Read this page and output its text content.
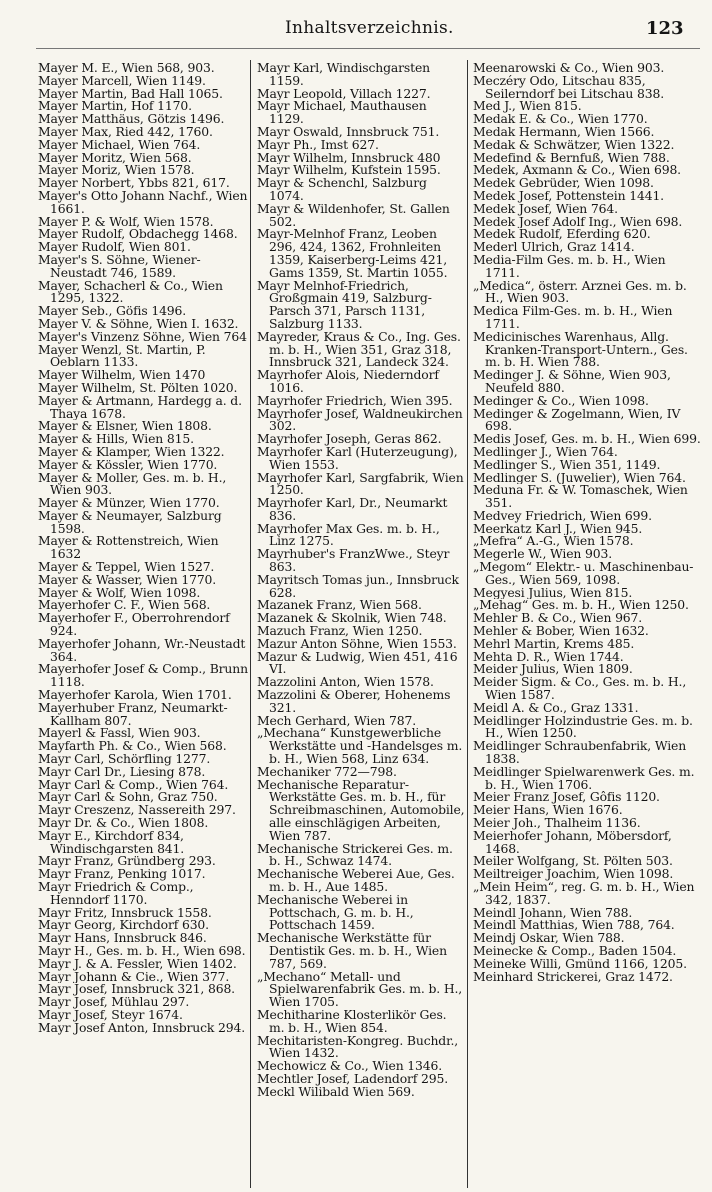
Inhaltsverzeichnis.	123
Mayer M. E., Wien 568, 903.
Mayer Marcell, Wien 1149.
Mayer Martin, Bad Hall 1065.
Mayer Martin, Hof 1170.
Mayer Matthäus, Götzis 1496.
Mayer Max, Ried 442, 1760.
Mayer Michael, Wien 764.
Mayer Moritz, Wien 568.
Mayer Moriz, Wien 1578.
Mayer Norbert, Ybbs 821, 617.
Mayer's Otto Johann Nachf., Wien 1661.
Mayer P. & Wolf, Wien 1578.
Mayer Rudolf, Obdachegg 1468.
Mayer Rudolf, Wien 801.
Mayer's S. Söhne, Wiener-Neustadt 746, 1589.
Mayer, Schacherl & Co., Wien 1295, 1322.
Mayer Seb., Göfis 1496.
Mayer V. & Söhne, Wien I. 1632.
Mayer's Vinzenz Söhne, Wien 764
Mayer Wenzl, St. Martin, P. Oeblarn 1133.
Mayer Wilhelm, Wien 1470
Mayer Wilhelm, St. Pölten 1020.
Mayer & Artmann, Hardegg a. d. Thaya 1678.
Mayer & Elsner, Wien 1808.
Mayer & Hills, Wien 815.
Mayer & Klamper, Wien 1322.
Mayer & Kössler, Wien 1770.
Mayer & Moller, Ges. m. b. H., Wien 903.
Mayer & Münzer, Wien 1770.
Mayer & Neumayer, Salzburg 1598.
Mayer & Rottenstreich, Wien 1632
Mayer & Teppel, Wien 1527.
Mayer & Wasser, Wien 1770.
Mayer & Wolf, Wien 1098.
Mayerhofer C. F., Wien 568.
Mayerhofer F., Oberrohrendorf 924.
Mayerhofer Johann, Wr.-Neustadt 364.
Mayerhofer Josef & Comp., Brunn 1118.
Mayerhofer Karola, Wien 1701.
Mayerhuber Franz, Neumarkt-Kallham 807.
Mayerl & Fassl, Wien 903.
Mayfarth Ph. & Co., Wien 568.
Mayr Carl, Schörfling 1277.
Mayr Carl Dr., Liesing 878.
Mayr Carl & Comp., Wien 764.
Mayr Carl & Sohn, Graz 750.
Mayr Creszenz, Nassereith 297.
Mayr Dr. & Co., Wien 1808.
Mayr E., Kirchdorf 834, Windischgarsten 841.
Mayr Franz, Gründberg 293.
Mayr Franz, Penking 1017.
Mayr Friedrich & Comp., Henndorf 1170.
Mayr Fritz, Innsbruck 1558.
Mayr Georg, Kirchdorf 630.
Mayr Hans, Innsbruck 846.
Mayr H., Ges. m. b. H., Wien 698.
Mayr J. & A. Fessler, Wien 1402.
Mayr Johann & Cie., Wien 377.
Mayr Josef, Innsbruck 321, 868.
Mayr Josef, Mühlau 297.
Mayr Josef, Steyr 1674.
Mayr Josef Anton, Innsbruck 294.
Mayr Karl, Windischgarsten 1159.
Mayr Leopold, Villach 1227.
Mayr Michael, Mauthausen 1129.
Mayr Oswald, Innsbruck 751.
Mayr Ph., Imst 627.
Mayr Wilhelm, Innsbruck 480
Mayr Wilhelm, Kufstein 1595.
Mayr & Schenchl, Salzburg 1074.
Mayr & Wildenhofer, St. Gallen 502.
Mayr-Melnhof Franz, Leoben 296, 424, 1362, Frohnleiten 1359, Kaiserberg-Leims 421, Gams 1359, St. Martin 1055.
Mayr Melnhof-Friedrich, Großgmain 419, Salzburg-Parsch 371, Parsch 1131, Salzburg 1133.
Mayreder, Kraus & Co., Ing. Ges. m. b. H., Wien 351, Graz 318, Innsbruck 321, Landeck 324.
Mayrhofer Alois, Niederndorf 1016.
Mayrhofer Friedrich, Wien 395.
Mayrhofer Josef, Waldneukirchen 302.
Mayrhofer Joseph, Geras 862.
Mayrhofer Karl (Huterzeugung), Wien 1553.
Mayrhofer Karl, Sargfabrik, Wien 1250.
Mayrhofer Karl, Dr., Neumarkt 836.
Mayrhofer Max Ges. m. b. H., Linz 1275.
Mayrhuber's FranzWwe., Steyr 863.
Mayritsch Tomas jun., Innsbruck 628.
Mazanek Franz, Wien 568.
Mazanek & Skolnik, Wien 748.
Mazuch Franz, Wien 1250.
Mazur Anton Söhne, Wien 1553.
Mazur & Ludwig, Wien 451, 416 VI.
Mazzolini Anton, Wien 1578.
Mazzolini & Oberer, Hohenems 321.
Mech Gerhard, Wien 787.
„Mechana“ Kunstgewerbliche Werkstätte und -Handelsges m. b. H., Wien 568, Linz 634.
Mechaniker 772—798.
Mechanische Reparatur-Werkstätte Ges. m. b. H., für Schreibmaschinen, Automobile, alle einschlägigen Arbeiten, Wien 787.
Mechanische Strickerei Ges. m. b. H., Schwaz 1474.
Mechanische Weberei Aue, Ges. m. b. H., Aue 1485.
Mechanische Weberei in Pottschach, G. m. b. H., Pottschach 1459.
Mechanische Werkstätte für Dentistik Ges. m. b. H., Wien 787, 569.
„Mechano“ Metall- und Spielwarenfabrik Ges. m. b. H., Wien 1705.
Mechitharine Klosterlikör Ges. m. b. H., Wien 854.
Mechitaristen-Kongreg. Buchdr., Wien 1432.
Mechowicz & Co., Wien 1346.
Mechtler Josef, Ladendorf 295.
Meckl Wilibald Wien 569.
Meenarowski & Co., Wien 903.
Meczéry Odo, Litschau 835, Seilerndorf bei Litschau 838.
Med J., Wien 815.
Medak E. & Co., Wien 1770.
Medak Hermann, Wien 1566.
Medak & Schwätzer, Wien 1322.
Medefind & Bernfuß, Wien 788.
Medek, Axmann & Co., Wien 698.
Medek Gebrüder, Wien 1098.
Medek Josef, Pottenstein 1441.
Medek Josef, Wien 764.
Medek Josef Adolf Ing., Wien 698.
Medek Rudolf, Eferding 620.
Mederl Ulrich, Graz 1414.
Media-Film Ges. m. b. H., Wien 1711.
„Medica“, österr. Arznei Ges. m. b. H., Wien 903.
Medica Film-Ges. m. b. H., Wien 1711.
Medicinisches Warenhaus, Allg. Kranken-Transport-Untern., Ges. m. b. H. Wien 788.
Medinger J. & Söhne, Wien 903, Neufeld 880.
Medinger & Co., Wien 1098.
Medinger & Zogelmann, Wien, IV 698.
Medis Josef, Ges. m. b. H., Wien 699.
Medlinger J., Wien 764.
Medlinger S., Wien 351, 1149.
Medlinger S. (Juwelier), Wien 764.
Meduna Fr. & W. Tomaschek, Wien 351.
Medvey Friedrich, Wien 699.
Meerkatz Karl J., Wien 945.
„Mefra“ A.-G., Wien 1578.
Megerle W., Wien 903.
„Megom“ Elektr.- u. Maschinenbau-Ges., Wien 569, 1098.
Megyesi Julius, Wien 815.
„Mehag“ Ges. m. b. H., Wien 1250.
Mehler B. & Co., Wien 967.
Mehler & Bober, Wien 1632.
Mehrl Martin, Krems 485.
Mehta D. R., Wien 1744.
Meider Julius, Wien 1809.
Meider Sigm. & Co., Ges. m. b. H., Wien 1587.
Meidl A. & Co., Graz 1331.
Meidlinger Holzindustrie Ges. m. b. H., Wien 1250.
Meidlinger Schraubenfabrik, Wien 1838.
Meidlinger Spielwarenwerk Ges. m. b. H., Wien 1706.
Meier Franz Josef, Gôfis 1120.
Meier Hans, Wien 1676.
Meier Joh., Thalheim 1136.
Meierhofer Johann, Möbersdorf, 1468.
Meiler Wolfgang, St. Pölten 503.
Meiltreiger Joachim, Wien 1098.
„Mein Heim“, reg. G. m. b. H., Wien 342, 1837.
Meindl Johann, Wien 788.
Meindl Matthias, Wien 788, 764.
Meindj Oskar, Wien 788.
Meinecke & Comp., Baden 1504.
Meineke Willi, Gmünd 1166, 1205.
Meinhard Strickerei, Graz 1472.
